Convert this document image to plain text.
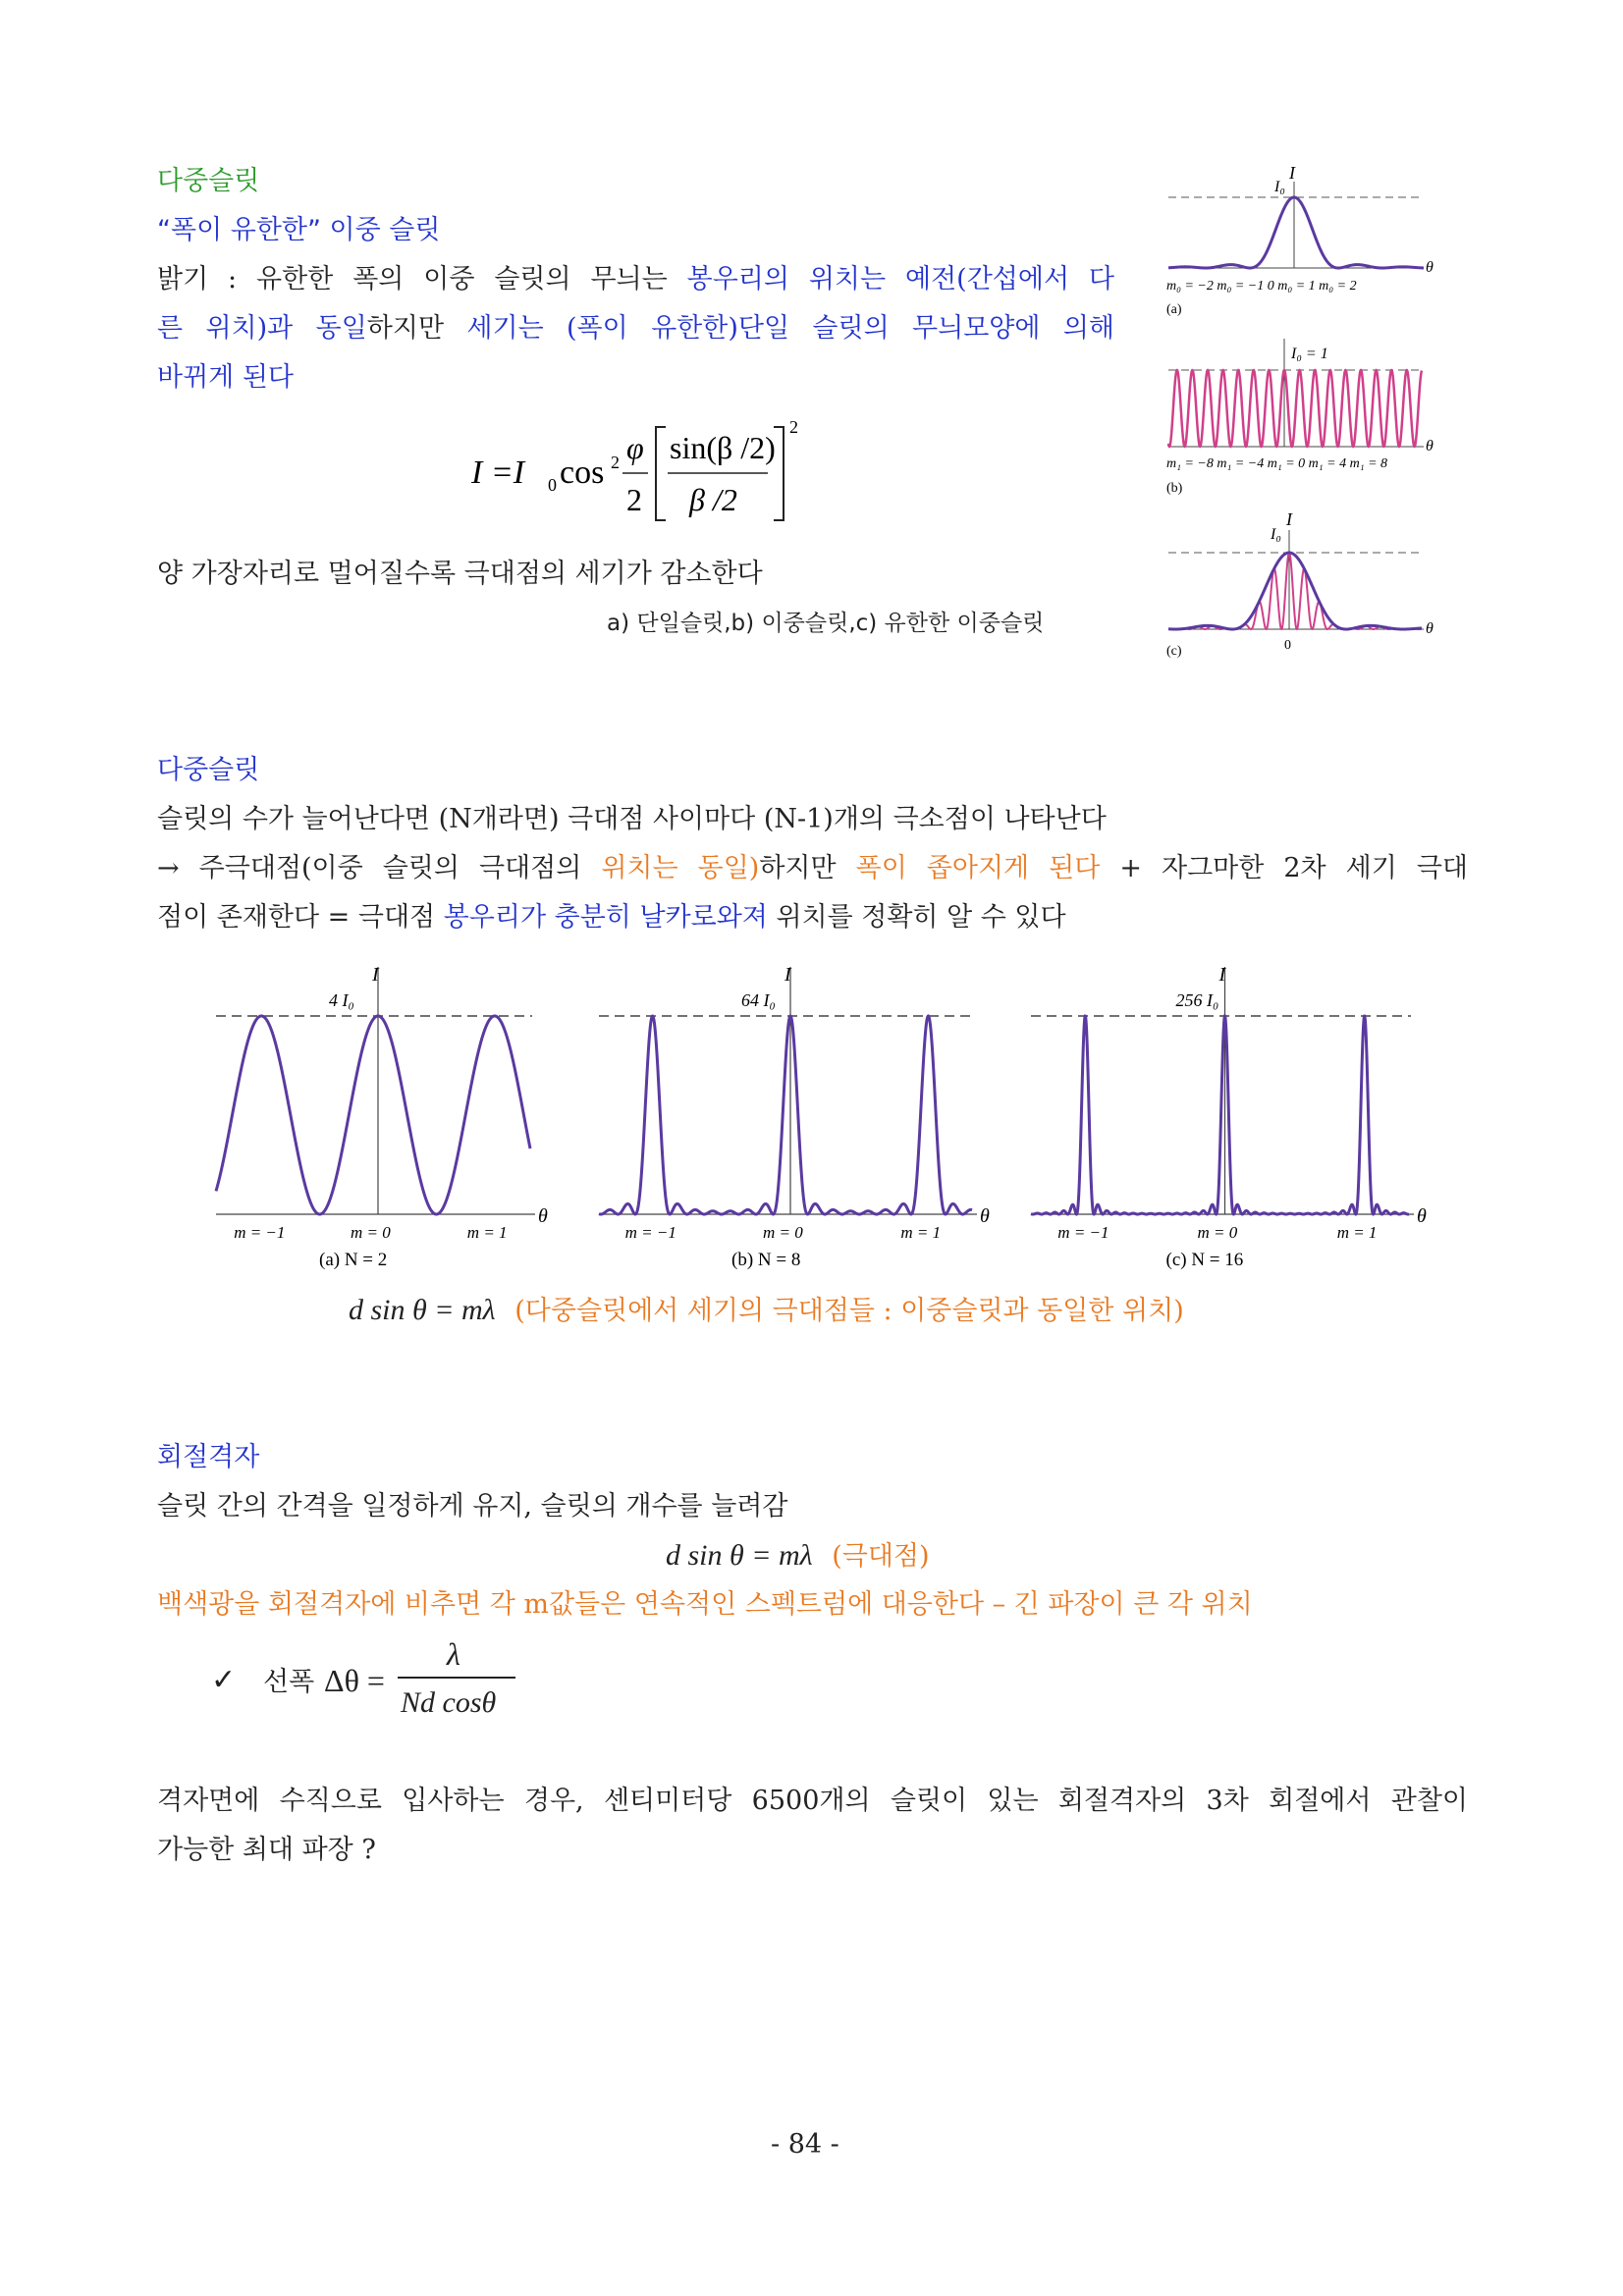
다중슬릿
“폭이 유한한” 이중 슬릿
밝기 : 유한한 폭의 이중 슬릿의 무늬는 봉우리의 위치는 예전(간섭에서 다
른 위치)과 동일하지만 세기는 (폭이 유한한)단일 슬릿의 무늬모양에 의해
바뀌게 된다
I =I 0 cos 2 φ
2
sin(β /2)
β /2
2
양 가장자리로 멀어질수록 극대점의 세기가 감소한다
a) 단일슬릿,b) 이중슬릿,c) 유한한 이중슬릿
I
I₀
θ
m₀ = −2 m₀ = −1 0 m₀ = 1 m₀ = 2
(a)
I₀ = 1
θ
m₁ = −8 m₁ = −4 m₁ = 0 m₁ = 4 m₁ = 8
(b)
I
I₀
θ
0
(c)
다중슬릿
슬릿의 수가 늘어난다면 (N개라면) 극대점 사이마다 (N-1)개의 극소점이 나타난다
→ 주극대점(이중 슬릿의 극대점의 위치는 동일)하지만 폭이 좁아지게 된다 + 자그마한 2차 세기 극대
점이 존재한다 = 극대점 봉우리가 충분히 날카로와져 위치를 정확히 알 수 있다
I
4 I₀
θ
m = −1	m = 0	m = 1
(a) N = 2
I
64 I₀
θ
m = −1	m = 0	m = 1
(b) N = 8
I
256 I₀
θ
m = −1	m = 0	m = 1
(c) N = 16
d sin θ = mλ (다중슬릿에서 세기의 극대점들 : 이중슬릿과 동일한 위치)
회절격자
슬릿 간의 간격을 일정하게 유지, 슬릿의 개수를 늘려감
d sin θ = mλ (극대점)
백색광을 회절격자에 비추면 각 m값들은 연속적인 스펙트럼에 대응한다 – 긴 파장이 큰 각 위치
✓ 선폭 Δθ =
λ
Nd cosθ
격자면에 수직으로 입사하는 경우, 센티미터당 6500개의 슬릿이 있는 회절격자의 3차 회절에서 관찰이
가능한 최대 파장 ?
- 84 -
